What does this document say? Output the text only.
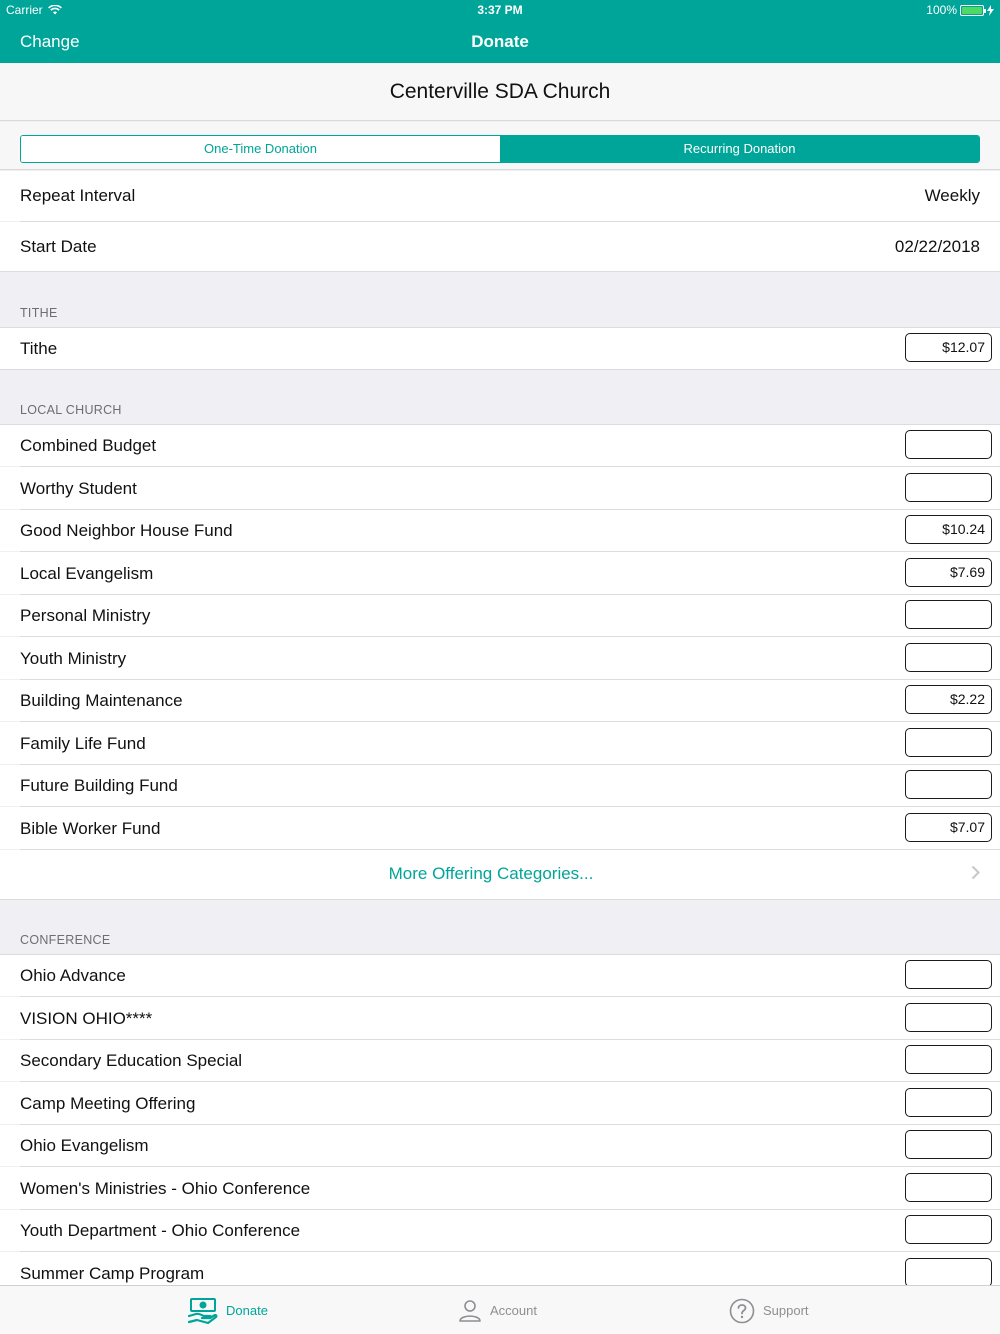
Carrier	3:37 PM	100%
Change	Donate
Centerville SDA Church
One-Time Donation	Recurring Donation
Repeat Interval	Weekly
Start Date	02/22/2018
TITHE
Tithe	$12.07
LOCAL CHURCH
Combined Budget
Worthy Student
Good Neighbor House Fund	$10.24
Local Evangelism	$7.69
Personal Ministry
Youth Ministry
Building Maintenance	$2.22
Family Life Fund
Future Building Fund
Bible Worker Fund	$7.07
More Offering Categories...
CONFERENCE
Ohio Advance
VISION OHIO****
Secondary Education Special
Camp Meeting Offering
Ohio Evangelism
Women's Ministries - Ohio Conference
Youth Department - Ohio Conference
Summer Camp Program
Donate	Account	Support
